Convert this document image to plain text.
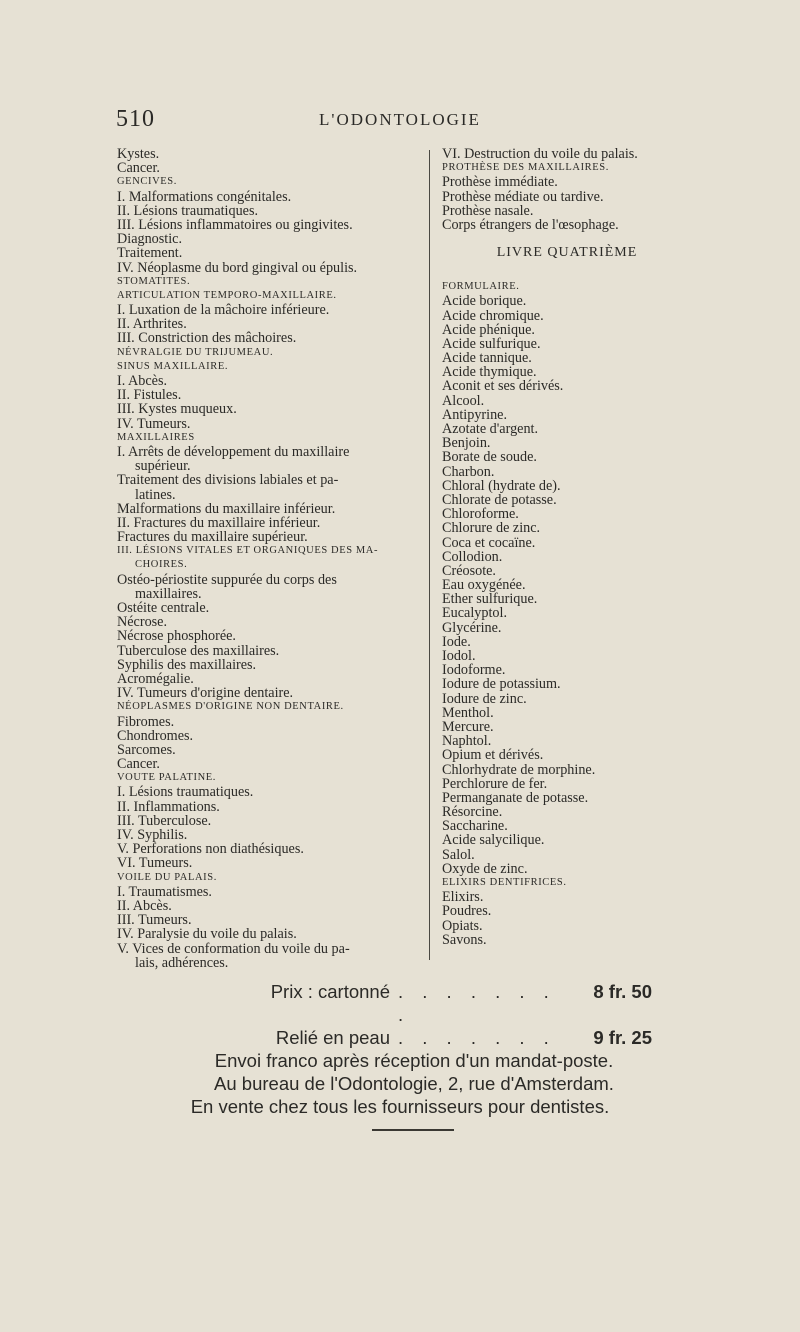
510	L'ODONTOLOGIE
Kystes.
Cancer.
GENCIVES.
I. Malformations congénitales.
II. Lésions traumatiques.
III. Lésions inflammatoires ou gingivites.
Diagnostic.
Traitement.
IV. Néoplasme du bord gingival ou épulis.
STOMATITES.
ARTICULATION TEMPORO-MAXILLAIRE.
I. Luxation de la mâchoire inférieure.
II. Arthrites.
III. Constriction des mâchoires.
NÉVRALGIE DU TRIJUMEAU.
SINUS MAXILLAIRE.
I. Abcès.
II. Fistules.
III. Kystes muqueux.
IV. Tumeurs.
MAXILLAIRES
I. Arrêts de développement du maxillaire
supérieur.
Traitement des divisions labiales et pa-
latines.
Malformations du maxillaire inférieur.
II. Fractures du maxillaire inférieur.
Fractures du maxillaire supérieur.
III. LÉSIONS VITALES ET ORGANIQUES DES MA-
CHOIRES.
Ostéo-périostite suppurée du corps des
maxillaires.
Ostéite centrale.
Nécrose.
Nécrose phosphorée.
Tuberculose des maxillaires.
Syphilis des maxillaires.
Acromégalie.
IV. Tumeurs d'origine dentaire.
NÉOPLASMES D'ORIGINE NON DENTAIRE.
Fibromes.
Chondromes.
Sarcomes.
Cancer.
VOUTE PALATINE.
I. Lésions traumatiques.
II. Inflammations.
III. Tuberculose.
IV. Syphilis.
V. Perforations non diathésiques.
VI. Tumeurs.
VOILE DU PALAIS.
I. Traumatismes.
II. Abcès.
III. Tumeurs.
IV. Paralysie du voile du palais.
V. Vices de conformation du voile du pa-
lais, adhérences.
VI. Destruction du voile du palais.
PROTHÈSE DES MAXILLAIRES.
Prothèse immédiate.
Prothèse médiate ou tardive.
Prothèse nasale.
Corps étrangers de l'œsophage.
LIVRE QUATRIÈME
FORMULAIRE.
Acide borique.
Acide chromique.
Acide phénique.
Acide sulfurique.
Acide tannique.
Acide thymique.
Aconit et ses dérivés.
Alcool.
Antipyrine.
Azotate d'argent.
Benjoin.
Borate de soude.
Charbon.
Chloral (hydrate de).
Chlorate de potasse.
Chloroforme.
Chlorure de zinc.
Coca et cocaïne.
Collodion.
Créosote.
Eau oxygénée.
Ether sulfurique.
Eucalyptol.
Glycérine.
Iode.
Iodol.
Iodoforme.
Iodure de potassium.
Iodure de zinc.
Menthol.
Mercure.
Naphtol.
Opium et dérivés.
Chlorhydrate de morphine.
Perchlorure de fer.
Permanganate de potasse.
Résorcine.
Saccharine.
Acide salycilique.
Salol.
Oxyde de zinc.
ELIXIRS DENTIFRICES.
Elixirs.
Poudres.
Opiats.
Savons.
Prix : cartonné . . . . . . . .
8 fr. 50
Relié en peau . . . . . . .	9 fr. 25
Envoi franco après réception d'un mandat-poste.
Au bureau de l'Odontologie, 2, rue d'Amsterdam.
En vente chez tous les fournisseurs pour dentistes.
